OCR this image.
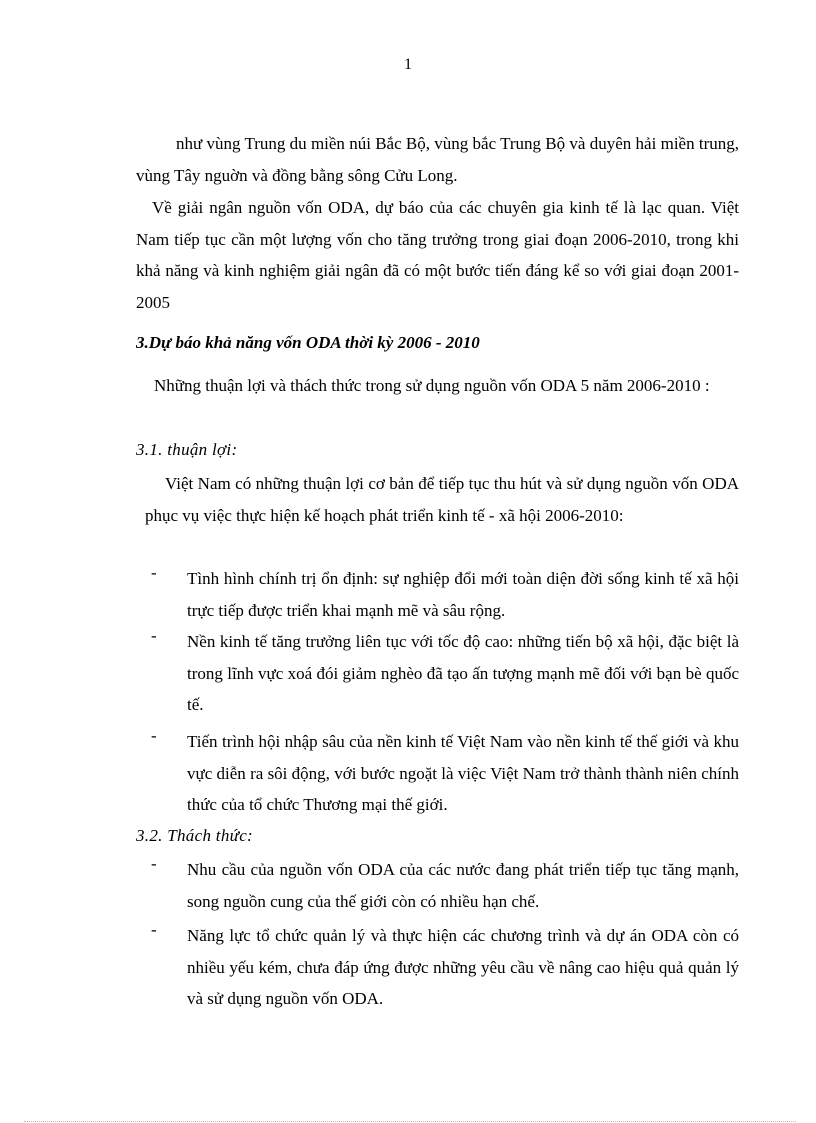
1

như vùng Trung du miền núi Bắc Bộ, vùng bắc Trung Bộ và duyên hải miền trung, vùng Tây nguờn và đồng bằng sông Cửu Long.

Về giải ngân nguồn vốn ODA, dự báo của các chuyên gia kinh tế là lạc quan. Việt Nam tiếp tục cần một lượng vốn cho tăng trưởng trong giai đoạn 2006-2010, trong khi khả năng và kinh nghiệm giải ngân đã có một bước tiến đáng kể so với giai đoạn 2001-2005

3.Dự báo khả năng vốn ODA thời kỳ 2006 - 2010

Những thuận lợi và thách thức trong sử dụng nguồn vốn ODA 5 năm 2006-2010 :

3.1. thuận lợi:

Việt Nam có những thuận lợi cơ bản để tiếp tục thu hút và sử dụng nguồn vốn ODA phục vụ việc thực hiện kế hoạch phát triển kinh tế - xã hội 2006-2010:

-	Tình hình chính trị ổn định: sự nghiệp đổi mới toàn diện đời sống kinh tế xã hội trực tiếp được triển khai mạnh mẽ và sâu rộng.
-	Nền kinh tế tăng trưởng liên tục với tốc độ cao: những tiến bộ xã hội, đặc biệt là trong lĩnh vực xoá đói giảm nghèo đã tạo ấn tượng mạnh mẽ đối với bạn bè quốc tế.
-	Tiến trình hội nhập sâu của nền kinh tế Việt Nam vào nền kinh tế thế giới và khu vực diễn ra sôi động, với bước ngoặt là việc Việt Nam trở thành thành niên chính thức của tổ chức Thương mại thế giới.

3.2. Thách thức:

-	Nhu cầu của nguồn vốn ODA của các nước đang phát triển tiếp tục tăng mạnh, song nguồn cung của thế giới còn có nhiều hạn chế.
-	Năng lực tổ chức quản lý và thực hiện các chương trình và dự án ODA còn có nhiều yếu kém, chưa đáp ứng được những yêu cầu về nâng cao hiệu quả quản lý và sử dụng nguồn vốn ODA.
